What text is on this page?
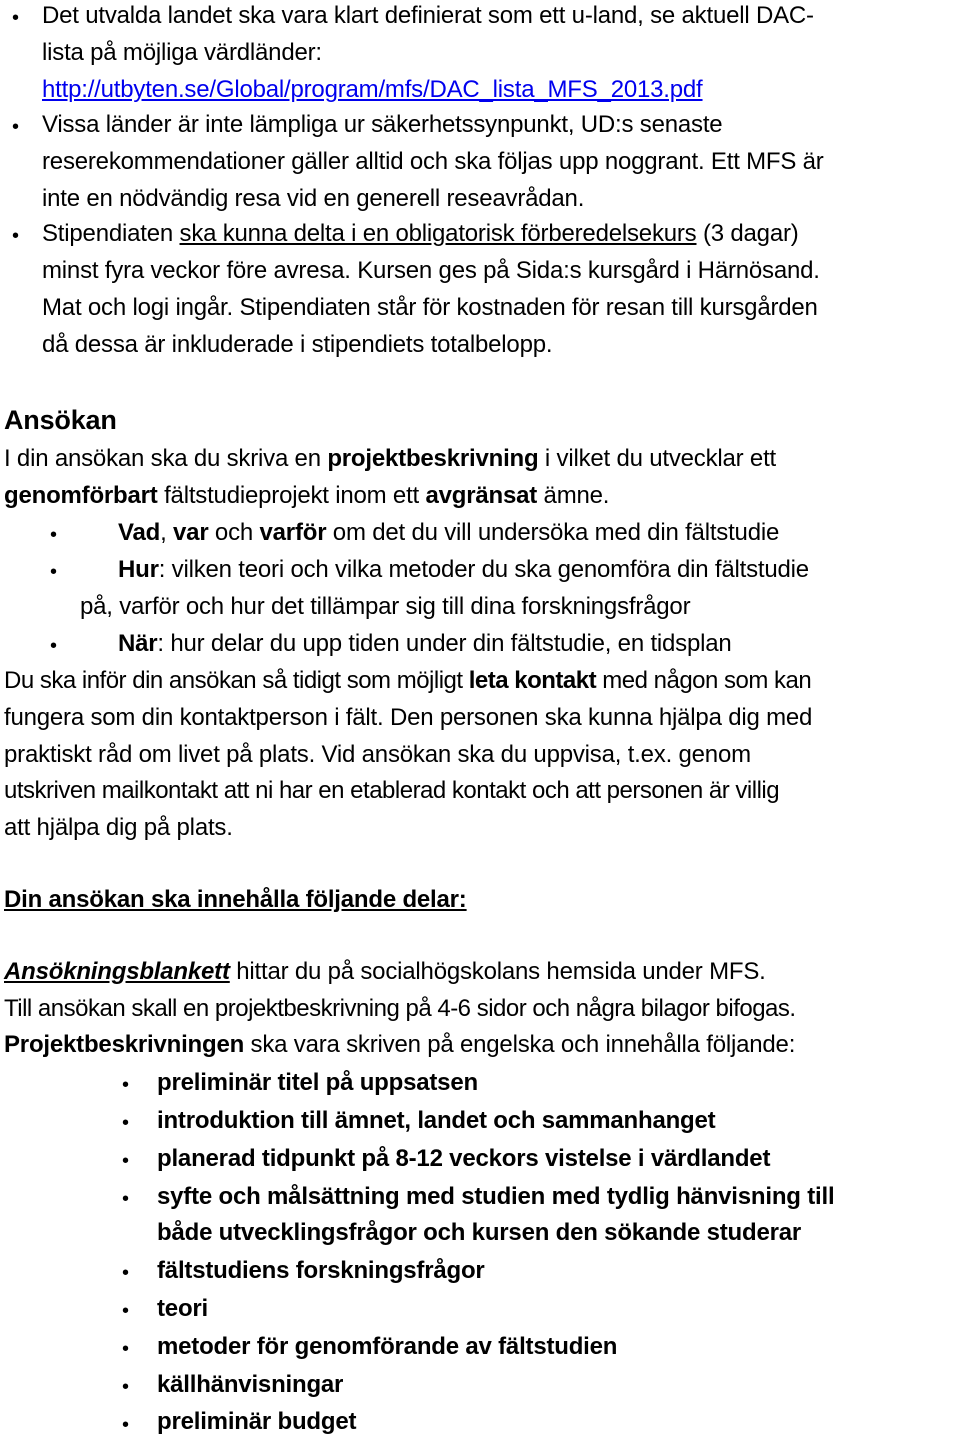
• Det utvalda landet ska vara klart definierat som ett u-land, se aktuell DAC-
lista på möjliga värdländer:
http://utbyten.se/Global/program/mfs/DAC_lista_MFS_2013.pdf
• Vissa länder är inte lämpliga ur säkerhetssynpunkt, UD:s senaste
reserekommendationer gäller alltid och ska följas upp noggrant. Ett MFS är
inte en nödvändig resa vid en generell reseavrådan.
• Stipendiaten ska kunna delta i en obligatorisk förberedelsekurs (3 dagar)
minst fyra veckor före avresa. Kursen ges på Sida:s kursgård i Härnösand.
Mat och logi ingår. Stipendiaten står för kostnaden för resan till kursgården
då dessa är inkluderade i stipendiets totalbelopp.
Ansökan
I din ansökan ska du skriva en projektbeskrivning i vilket du utvecklar ett
genomförbart fältstudieprojekt inom ett avgränsat ämne.
•	Vad, var och varför om det du vill undersöka med din fältstudie
•	Hur: vilken teori och vilka metoder du ska genomföra din fältstudie
på, varför och hur det tillämpar sig till dina forskningsfrågor
•	När: hur delar du upp tiden under din fältstudie, en tidsplan
Du ska inför din ansökan så tidigt som möjligt leta kontakt med någon som kan
fungera som din kontaktperson i fält. Den personen ska kunna hjälpa dig med
praktiskt råd om livet på plats. Vid ansökan ska du uppvisa, t.ex. genom
utskriven mailkontakt att ni har en etablerad kontakt och att personen är villig
att hjälpa dig på plats.
Din ansökan ska innehålla följande delar:
Ansökningsblankett hittar du på socialhögskolans hemsida under MFS.
Till ansökan skall en projektbeskrivning på 4-6 sidor och några bilagor bifogas.
Projektbeskrivningen ska vara skriven på engelska och innehålla följande:
• preliminär titel på uppsatsen
• introduktion till ämnet, landet och sammanhanget
• planerad tidpunkt på 8-12 veckors vistelse i värdlandet
• syfte och målsättning med studien med tydlig hänvisning till
både utvecklingsfrågor och kursen den sökande studerar
• fältstudiens forskningsfrågor
• teori
• metoder för genomförande av fältstudien
• källhänvisningar
• preliminär budget
